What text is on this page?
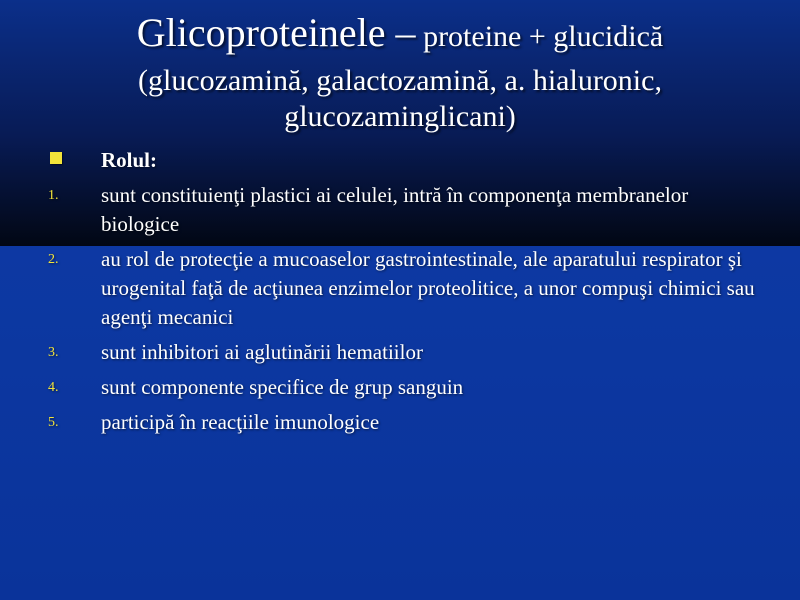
Glicoproteinele – proteine + glucidică
(glucozamină, galactozamină, a. hialuronic,
glucozaminglicani)
Rolul:
1. sunt constituienţi plastici ai celulei, intră în componenţa membranelor biologice
2. au rol de protecţie a mucoaselor gastrointestinale, ale aparatului respirator şi urogenital faţă de acţiunea enzimelor proteolitice, a unor compuşi chimici sau agenţi mecanici
3. sunt inhibitori ai aglutinării hematiilor
4. sunt componente specifice de grup sanguin
5. participă în reacţiile imunologice
